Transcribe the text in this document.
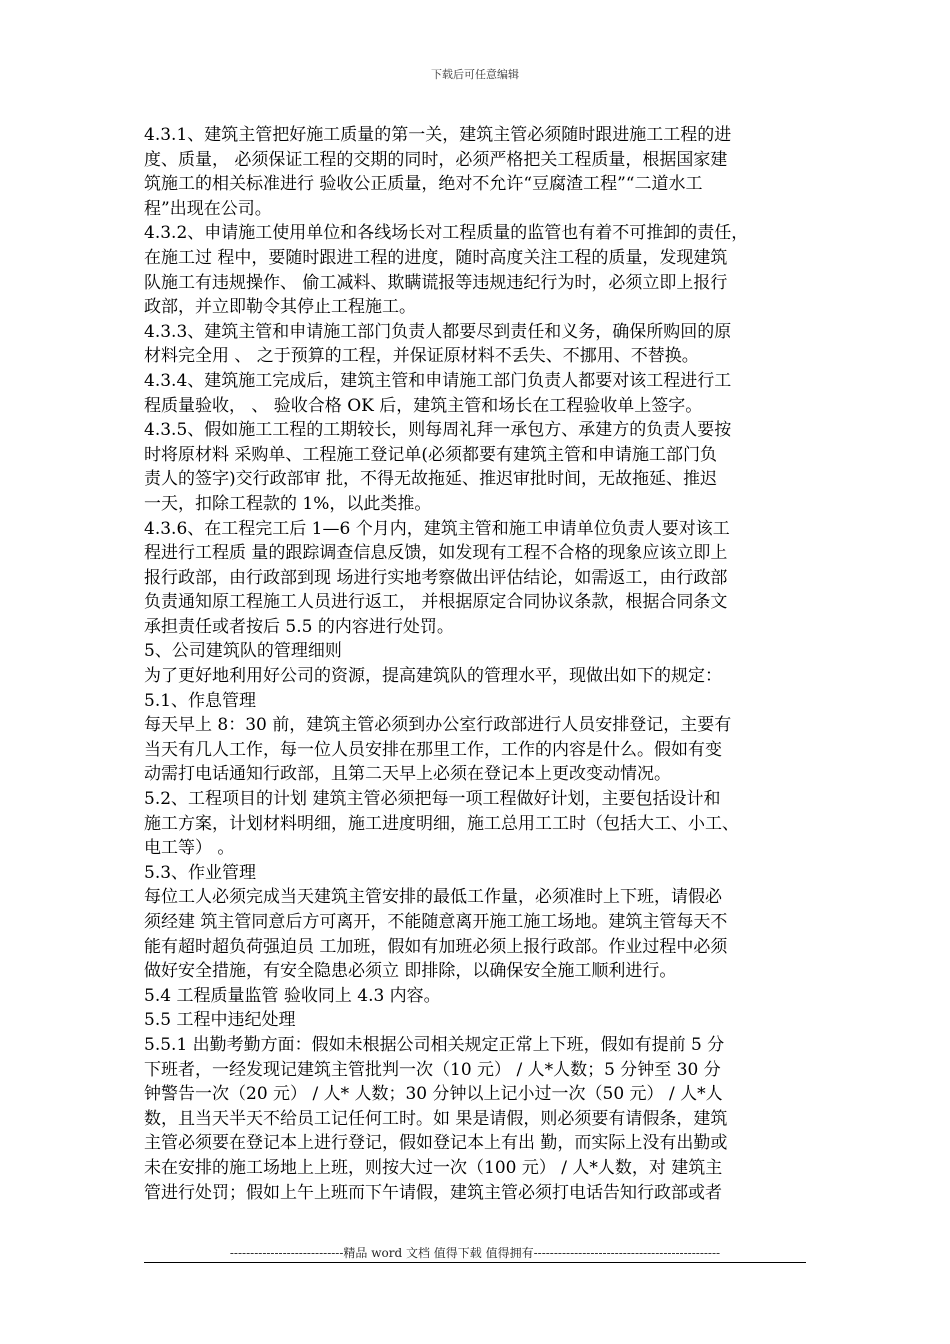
下载后可任意编辑
4.3.1、建筑主管把好施工质量的第一关，建筑主管必须随时跟进施工工程的进
度、质量， 必须保证工程的交期的同时，必须严格把关工程质量，根据国家建
筑施工的相关标准进行 验收公正质量，绝对不允许“豆腐渣工程”“二道水工
程”出现在公司。
4.3.2、申请施工使用单位和各线场长对工程质量的监管也有着不可推卸的责任，
在施工过 程中，要随时跟进工程的进度，随时高度关注工程的质量，发现建筑
队施工有违规操作、 偷工减料、欺瞒谎报等违规违纪行为时，必须立即上报行
政部，并立即勒令其停止工程施工。
4.3.3、建筑主管和申请施工部门负责人都要尽到责任和义务，确保所购回的原
材料完全用 、 之于预算的工程，并保证原材料不丢失、不挪用、不替换。
4.3.4、建筑施工完成后，建筑主管和申请施工部门负责人都要对该工程进行工
程质量验收， 、 验收合格 OK 后，建筑主管和场长在工程验收单上签字。
4.3.5、假如施工工程的工期较长，则每周礼拜一承包方、承建方的负责人要按
时将原材料 采购单、工程施工登记单(必须都要有建筑主管和申请施工部门负
责人的签字)交行政部审 批，不得无故拖延、推迟审批时间，无故拖延、推迟
一天，扣除工程款的 1%，以此类推。
4.3.6、在工程完工后 1—6 个月内，建筑主管和施工申请单位负责人要对该工
程进行工程质 量的跟踪调查信息反馈，如发现有工程不合格的现象应该立即上
报行政部，由行政部到现 场进行实地考察做出评估结论，如需返工，由行政部
负责通知原工程施工人员进行返工， 并根据原定合同协议条款，根据合同条文
承担责任或者按后 5.5 的内容进行处罚。
5、公司建筑队的管理细则
为了更好地利用好公司的资源，提高建筑队的管理水平，现做出如下的规定：
5.1、作息管理
每天早上 8：30 前，建筑主管必须到办公室行政部进行人员安排登记，主要有
当天有几人工作，每一位人员安排在那里工作，工作的内容是什么。假如有变
动需打电话通知行政部，且第二天早上必须在登记本上更改变动情况。
5.2、工程项目的计划 建筑主管必须把每一项工程做好计划，主要包括设计和
施工方案，计划材料明细，施工进度明细，施工总用工工时（包括大工、小工、
电工等） 。
5.3、作业管理
每位工人必须完成当天建筑主管安排的最低工作量，必须准时上下班，请假必
须经建 筑主管同意后方可离开，不能随意离开施工施工场地。建筑主管每天不
能有超时超负荷强迫员 工加班，假如有加班必须上报行政部。作业过程中必须
做好安全措施，有安全隐患必须立 即排除，以确保安全施工顺利进行。
5.4 工程质量监管 验收同上 4.3 内容。
5.5 工程中违纪处理
5.5.1 出勤考勤方面：假如未根据公司相关规定正常上下班，假如有提前 5 分
下班者，一经发现记建筑主管批判一次（10 元） / 人*人数；5 分钟至 30 分
钟警告一次（20 元） / 人* 人数；30 分钟以上记小过一次（50 元） / 人*人
数，且当天半天不给员工记任何工时。如 果是请假，则必须要有请假条，建筑
主管必须要在登记本上进行登记，假如登记本上有出 勤，而实际上没有出勤或
未在安排的施工场地上上班，则按大过一次（100 元） / 人*人数，对 建筑主
管进行处罚；假如上午上班而下午请假，建筑主管必须打电话告知行政部或者
----------------------------精品 word 文档 值得下载 值得拥有----------------------------------------------
